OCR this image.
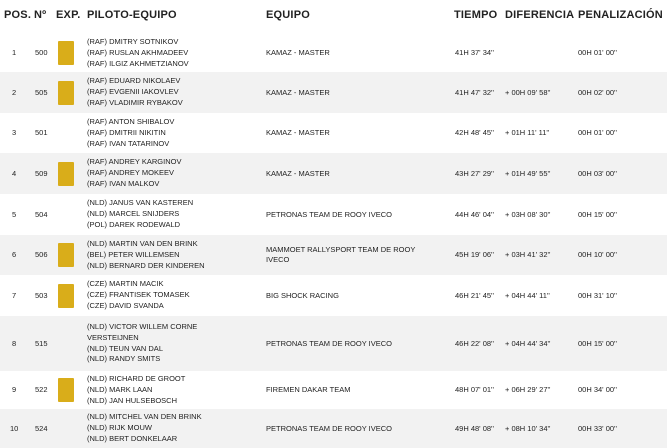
POS. Nº EXP. PILOTO-EQUIPO	EQUIPO	TIEMPO DIFERENCIA PENALIZACIÓN
1	500
(RAF) DMITRY SOTNIKOV
(RAF) RUSLAN AKHMADEEV
(RAF) ILGIZ AKHMETZIANOV
KAMAZ - MASTER	41H 37' 34''	00H 01' 00''
2	505
(RAF) EDUARD NIKOLAEV
(RAF) EVGENII IAKOVLEV
(RAF) VLADIMIR RYBAKOV
KAMAZ - MASTER	41H 47' 32'' + 00H 09' 58''	00H 02' 00''
3	501
(RAF) ANTON SHIBALOV
(RAF) DMITRII NIKITIN
(RAF) IVAN TATARINOV
KAMAZ - MASTER	42H 48' 45'' + 01H 11' 11''	00H 01' 00''
4	509
(RAF) ANDREY KARGINOV
(RAF) ANDREY MOKEEV
(RAF) IVAN MALKOV
KAMAZ - MASTER	43H 27' 29'' + 01H 49' 55''	00H 03' 00''
5	504
(NLD) JANUS VAN KASTEREN
(NLD) MARCEL SNIJDERS
(POL) DAREK RODEWALD
PETRONAS TEAM DE ROOY IVECO	44H 46' 04'' + 03H 08' 30''	00H 15' 00''
6	506
(NLD) MARTIN VAN DEN BRINK
(BEL) PETER WILLEMSEN
(NLD) BERNARD DER KINDEREN
MAMMOET RALLYSPORT TEAM DE ROOY IVECO
45H 19' 06'' + 03H 41' 32''	00H 10' 00''
7	503
(CZE) MARTIN MACIK
(CZE) FRANTISEK TOMASEK
(CZE) DAVID SVANDA
BIG SHOCK RACING	46H 21' 45'' + 04H 44' 11''	00H 31' 10''
8	515
(NLD) VICTOR WILLEM CORNE
VERSTEIJNEN
(NLD) TEUN VAN DAL
(NLD) RANDY SMITS
PETRONAS TEAM DE ROOY IVECO	46H 22' 08'' + 04H 44' 34''	00H 15' 00''
9	522
(NLD) RICHARD DE GROOT
(NLD) MARK LAAN
(NLD) JAN HULSEBOSCH
FIREMEN DAKAR TEAM	48H 07' 01'' + 06H 29' 27''	00H 34' 00''
10 524
(NLD) MITCHEL VAN DEN BRINK
(NLD) RIJK MOUW
(NLD) BERT DONKELAAR
PETRONAS TEAM DE ROOY IVECO	49H 48' 08'' + 08H 10' 34''	00H 33' 00''
